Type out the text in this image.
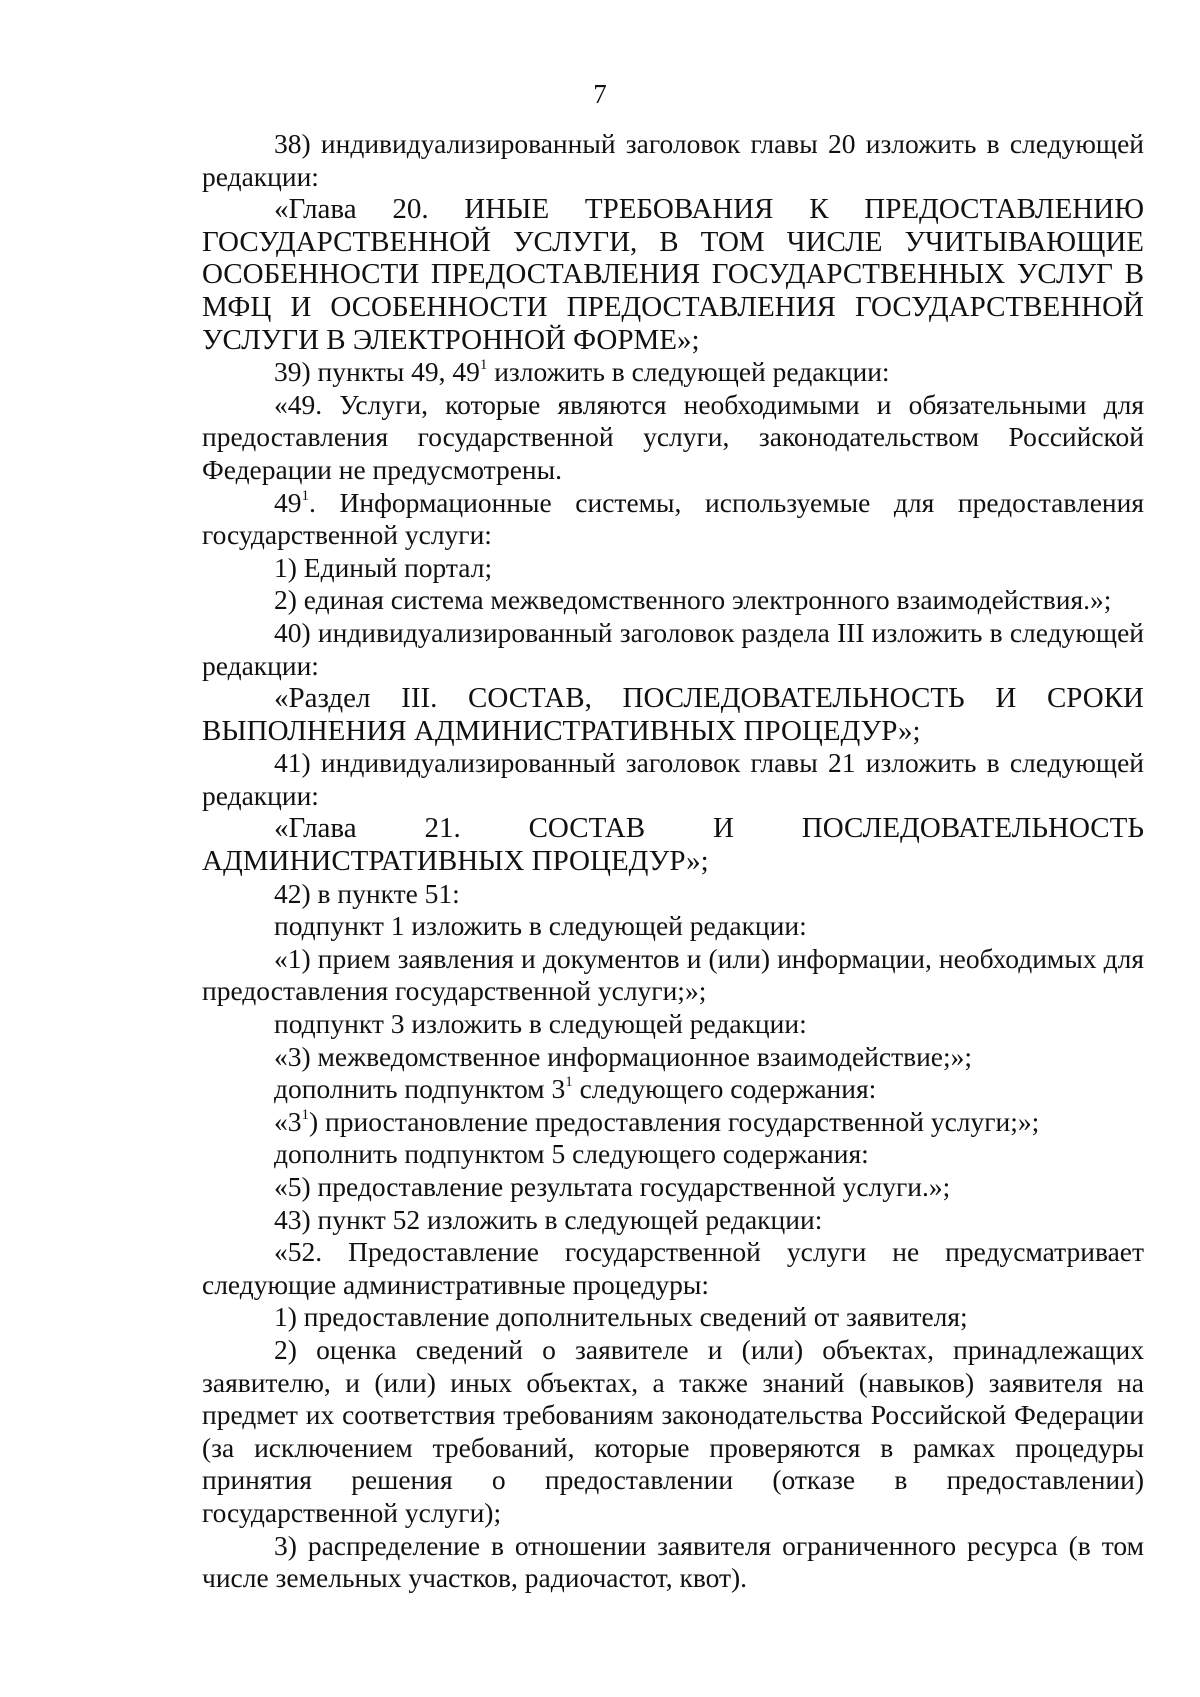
7

38) индивидуализированный заголовок главы 20 изложить в следующей редакции:

«Глава 20. ИНЫЕ ТРЕБОВАНИЯ К ПРЕДОСТАВЛЕНИЮ ГОСУДАРСТВЕННОЙ УСЛУГИ, В ТОМ ЧИСЛЕ УЧИТЫВАЮЩИЕ ОСОБЕННОСТИ ПРЕДОСТАВЛЕНИЯ ГОСУДАРСТВЕННЫХ УСЛУГ В МФЦ И ОСОБЕННОСТИ ПРЕДОСТАВЛЕНИЯ ГОСУДАРСТВЕННОЙ УСЛУГИ В ЭЛЕКТРОННОЙ ФОРМЕ»;

39) пункты 49, $49^1$ изложить в следующей редакции:

«49. Услуги, которые являются необходимыми и обязательными для предоставления государственной услуги, законодательством Российской Федерации не предусмотрены.

$49^1$. Информационные системы, используемые для предоставления государственной услуги:

1) Единый портал;

2) единая система межведомственного электронного взаимодействия.»;

40) индивидуализированный заголовок раздела III изложить в следующей редакции:

«Раздел III. СОСТАВ, ПОСЛЕДОВАТЕЛЬНОСТЬ И СРОКИ ВЫПОЛНЕНИЯ АДМИНИСТРАТИВНЫХ ПРОЦЕДУР»;

41) индивидуализированный заголовок главы 21 изложить в следующей редакции:

«Глава 21. СОСТАВ И ПОСЛЕДОВАТЕЛЬНОСТЬ АДМИНИСТРАТИВНЫХ ПРОЦЕДУР»;

42) в пункте 51:

подпункт 1 изложить в следующей редакции:

«1) прием заявления и документов и (или) информации, необходимых для предоставления государственной услуги;»;

подпункт 3 изложить в следующей редакции:

«3) межведомственное информационное взаимодействие;»;

дополнить подпунктом $3^1$ следующего содержания:

«$3^1$) приостановление предоставления государственной услуги;»;

дополнить подпунктом 5 следующего содержания:

«5) предоставление результата государственной услуги.»;

43) пункт 52 изложить в следующей редакции:

«52. Предоставление государственной услуги не предусматривает следующие административные процедуры:

1) предоставление дополнительных сведений от заявителя;

2) оценка сведений о заявителе и (или) объектах, принадлежащих заявителю, и (или) иных объектах, а также знаний (навыков) заявителя на предмет их соответствия требованиям законодательства Российской Федерации (за исключением требований, которые проверяются в рамках процедуры принятия решения о предоставлении (отказе в предоставлении) государственной услуги);

3) распределение в отношении заявителя ограниченного ресурса (в том числе земельных участков, радиочастот, квот).
